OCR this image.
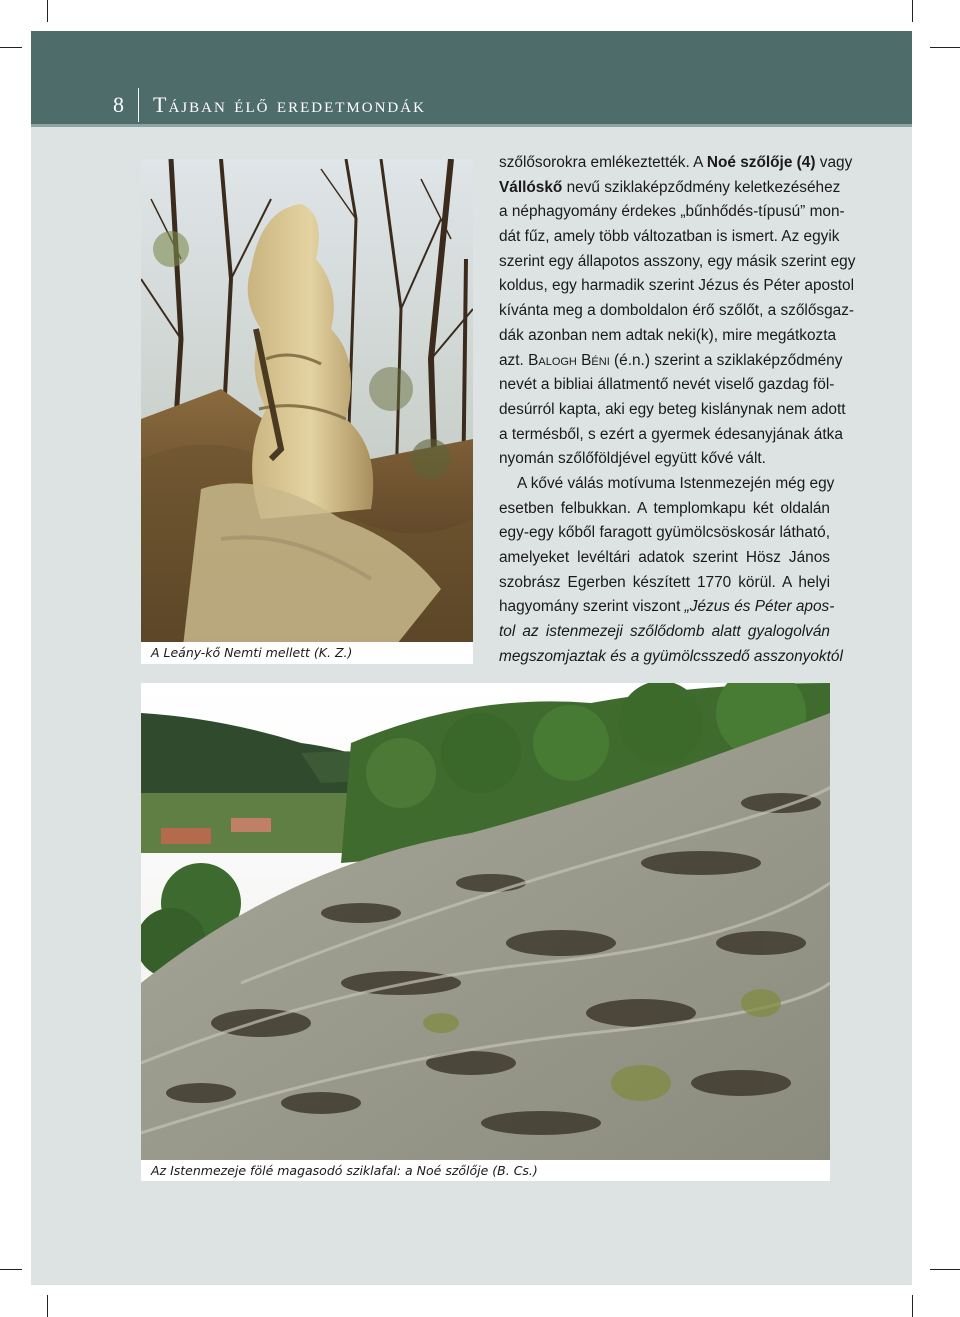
8 Tájban élő eredetmondák
A Leány-kő Nemti mellett (K. Z.)
Az Istenmezeje fölé magasodó sziklafal: a Noé szőlője (B. Cs.)
szőlősorokra emlékeztették. A Noé szőlője (4) vagy
Vállóskő nevű sziklaképződmény keletkezéséhez
a néphagyomány érdekes „bűnhődés-típusú” mon-
dát fűz, amely több változatban is ismert. Az egyik
szerint egy állapotos asszony, egy másik szerint egy
koldus, egy harmadik szerint Jézus és Péter apostol
kívánta meg a domboldalon érő szőlőt, a szőlősgaz-
dák azonban nem adtak neki(k), mire megátkozta
azt. Balogh Béni (é.n.) szerint a sziklaképződmény
nevét a bibliai állatmentő nevét viselő gazdag föl-
desúrról kapta, aki egy beteg kislánynak nem adott
a termésből, s ezért a gyermek édesanyjának átka
nyomán szőlőföldjével együtt kővé vált.
A kővé válás motívuma Istenmezején még egy
esetben felbukkan. A templomkapu két oldalán
egy-egy kőből faragott gyümölcsöskosár látható,
amelyeket levéltári adatok szerint Hösz János
szobrász Egerben készített 1770 körül. A helyi
hagyomány szerint viszont „Jézus és Péter apos-
tol az istenmezeji szőlődomb alatt gyalogolván
megszomjaztak és a gyümölcsszedő asszonyoktól
